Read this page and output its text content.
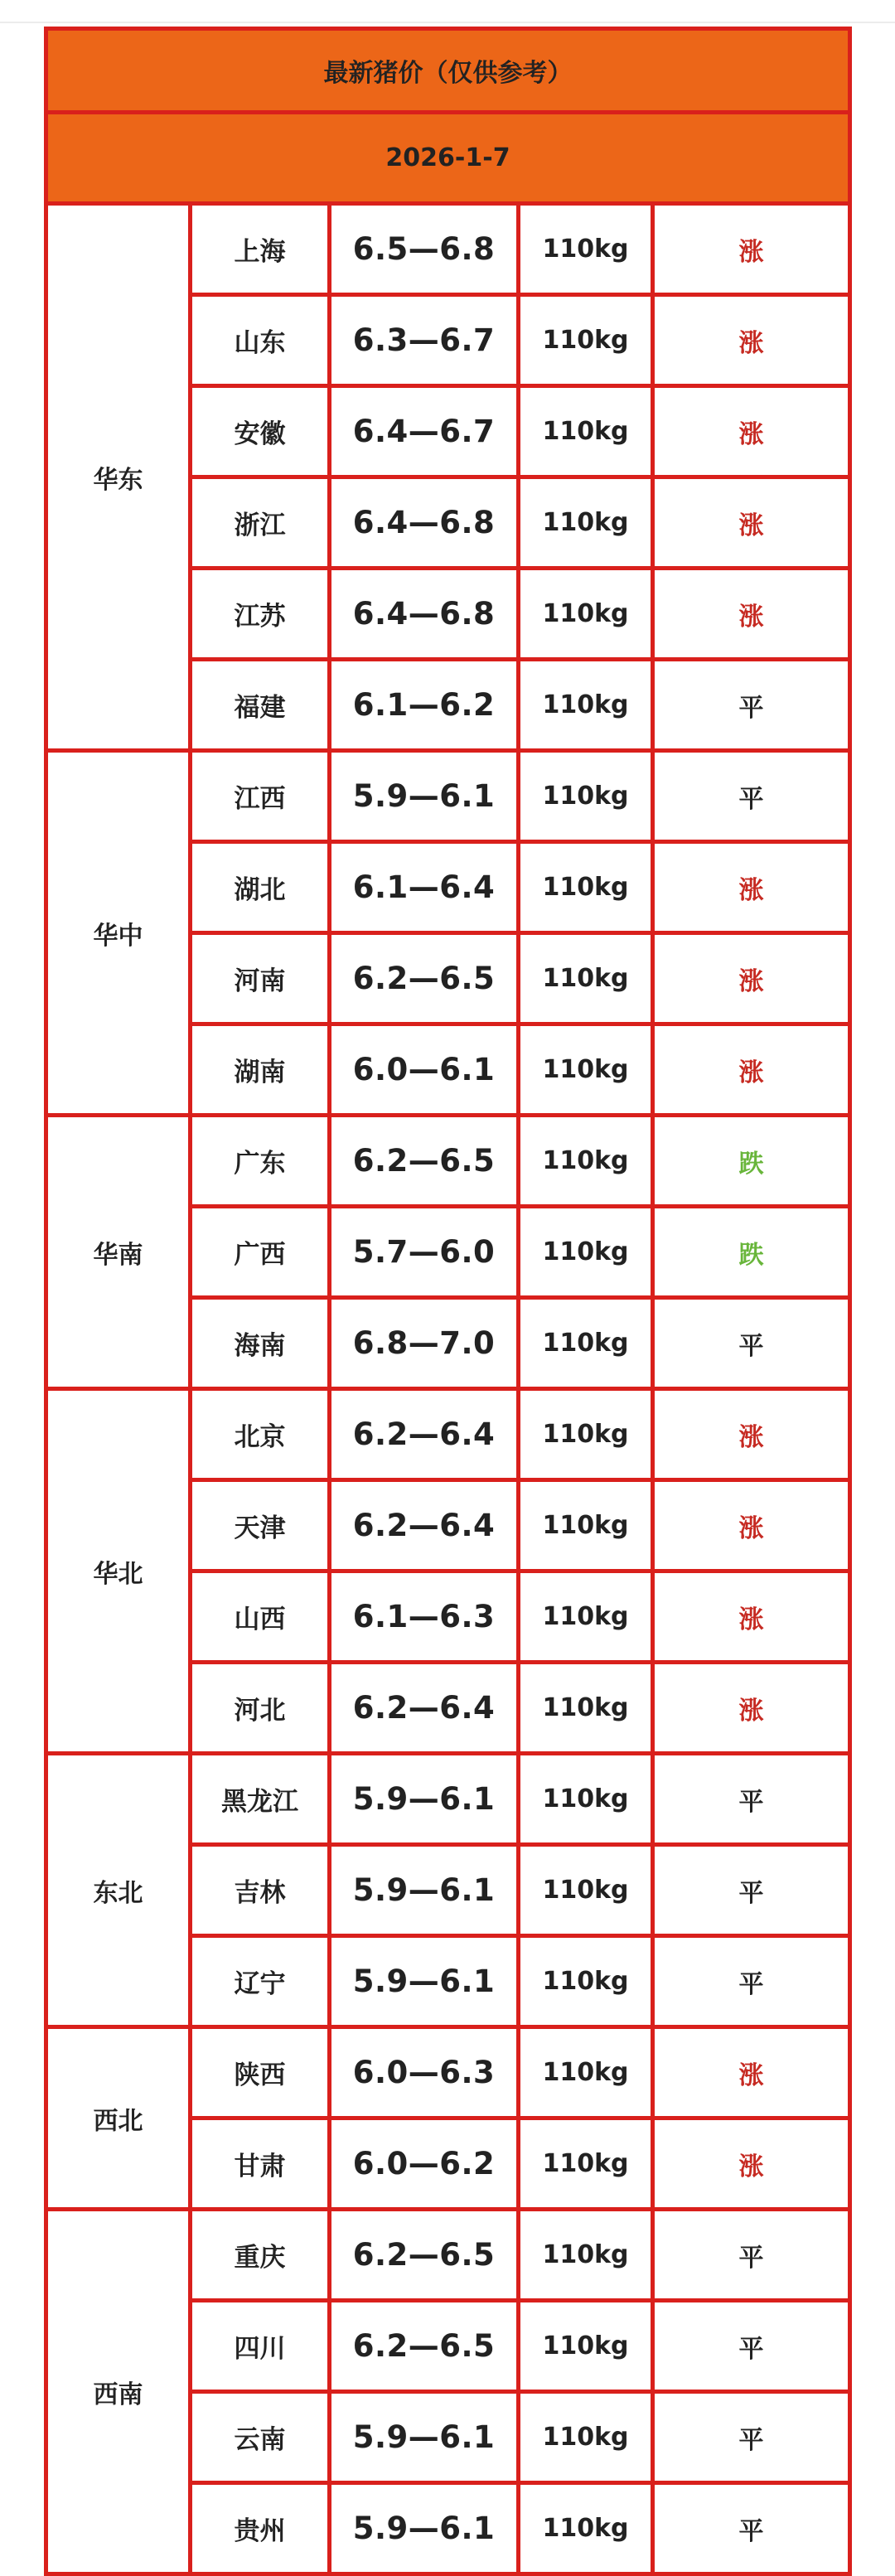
最新猪价（仅供参考）				
2026-1-7				
华东	上海	6.5—6.8	110kg	涨
	山东	6.3—6.7	110kg	涨
	安徽	6.4—6.7	110kg	涨
	浙江	6.4—6.8	110kg	涨
	江苏	6.4—6.8	110kg	涨
	福建	6.1—6.2	110kg	平
华中	江西	5.9—6.1	110kg	平
	湖北	6.1—6.4	110kg	涨
	河南	6.2—6.5	110kg	涨
	湖南	6.0—6.1	110kg	涨
华南	广东	6.2—6.5	110kg	跌
	广西	5.7—6.0	110kg	跌
	海南	6.8—7.0	110kg	平
华北	北京	6.2—6.4	110kg	涨
	天津	6.2—6.4	110kg	涨
	山西	6.1—6.3	110kg	涨
	河北	6.2—6.4	110kg	涨
东北	黑龙江	5.9—6.1	110kg	平
	吉林	5.9—6.1	110kg	平
	辽宁	5.9—6.1	110kg	平
西北	陕西	6.0—6.3	110kg	涨
	甘肃	6.0—6.2	110kg	涨
西南	重庆	6.2—6.5	110kg	平
	四川	6.2—6.5	110kg	平
	云南	5.9—6.1	110kg	平
	贵州	5.9—6.1	110kg	平
